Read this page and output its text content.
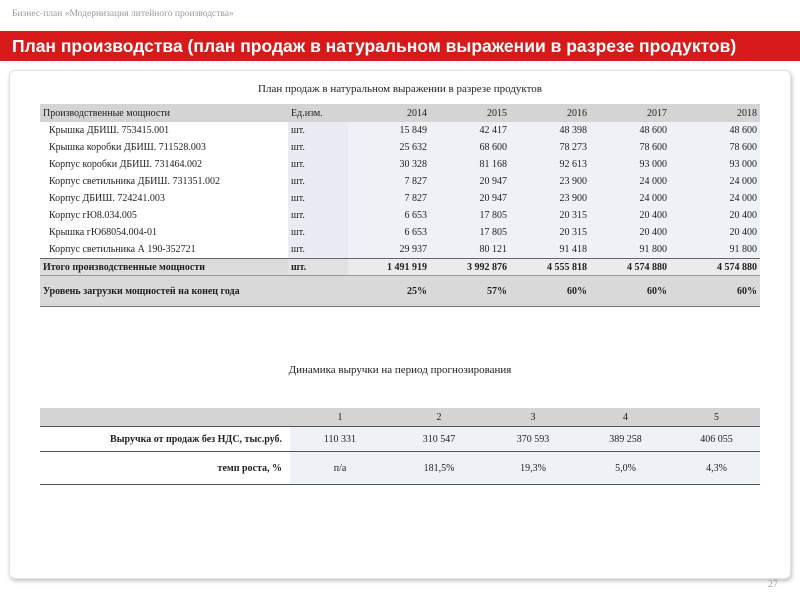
Бизнес-план «Модернизация литейного производства»
План производства (план продаж в натуральном выражении в разрезе продуктов)
План продаж в натуральном выражении в разрезе продуктов
Производственные мощности	Ед.изм.	2014	2015	2016	2017	2018
Крышка ДБИШ. 753415.001	шт.	15 849	42 417	48 398	48 600	48 600
Крышка коробки ДБИШ. 711528.003	шт.	25 632	68 600	78 273	78 600	78 600
Корпус коробки ДБИШ. 731464.002	шт.	30 328	81 168	92 613	93 000	93 000
Корпус светильника ДБИШ. 731351.002	шт.	7 827	20 947	23 900	24 000	24 000
Корпус ДБИШ. 724241.003	шт.	7 827	20 947	23 900	24 000	24 000
Корпус гЮ8.034.005	шт.	6 653	17 805	20 315	20 400	20 400
Крышка гЮ68054.004-01	шт.	6 653	17 805	20 315	20 400	20 400
Корпус светильника А 190-352721	шт.	29 937	80 121	91 418	91 800	91 800
Итого производственные мощности	шт.	1 491 919	3 992 876	4 555 818	4 574 880	4 574 880
Уровень загрузки мощностей на конец года		25%	57%	60%	60%	60%
Динамика выручки на период прогнозирования
	1	2	3	4	5
Выручка от продаж без НДС, тыс.руб.	110 331	310 547	370 593	389 258	406 055
темп роста, %	п/а	181,5%	19,3%	5,0%	4,3%
27
